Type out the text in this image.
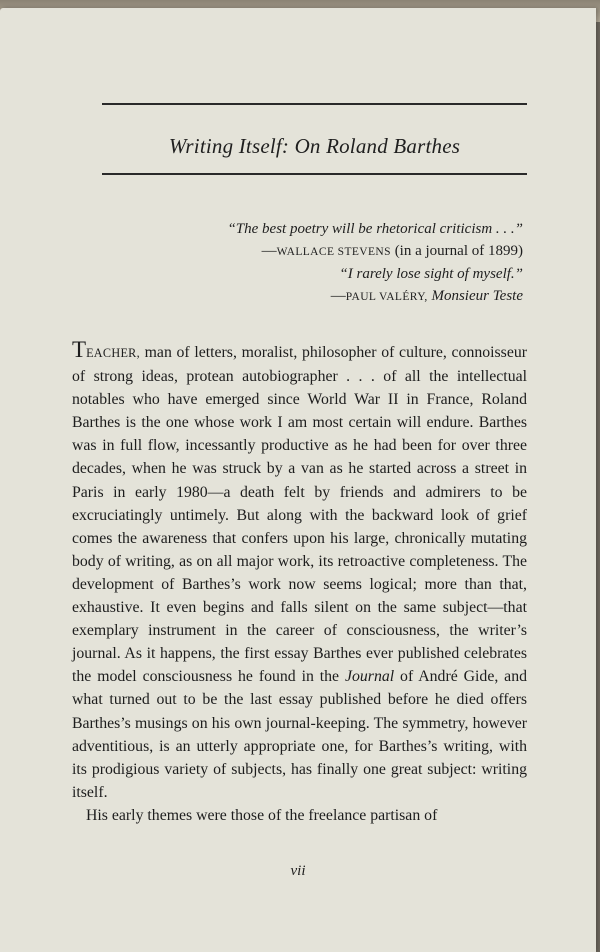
Writing Itself: On Roland Barthes
“The best poetry will be rhetorical criticism . . .”
—WALLACE STEVENS (in a journal of 1899)
“I rarely lose sight of myself.”
—PAUL VALÉRY, Monsieur Teste

TEACHER, man of letters, moralist, philosopher of culture, connoisseur of strong ideas, protean autobiographer . . . of all the intellectual notables who have emerged since World War II in France, Roland Barthes is the one whose work I am most certain will endure. Barthes was in full flow, incessantly productive as he had been for over three decades, when he was struck by a van as he started across a street in Paris in early 1980—a death felt by friends and admirers to be excruciatingly untimely. But along with the backward look of grief comes the awareness that confers upon his large, chronically mutating body of writing, as on all major work, its retroactive completeness. The development of Barthes’s work now seems logical; more than that, exhaustive. It even begins and falls silent on the same subject—that exemplary instrument in the career of consciousness, the writer’s journal. As it happens, the first essay Barthes ever published celebrates the model consciousness he found in the Journal of André Gide, and what turned out to be the last essay published before he died offers Barthes’s musings on his own journal-keeping. The symmetry, however adventitious, is an utterly appropriate one, for Barthes’s writing, with its prodigious variety of subjects, has finally one great subject: writing itself.

His early themes were those of the freelance partisan of

vii
